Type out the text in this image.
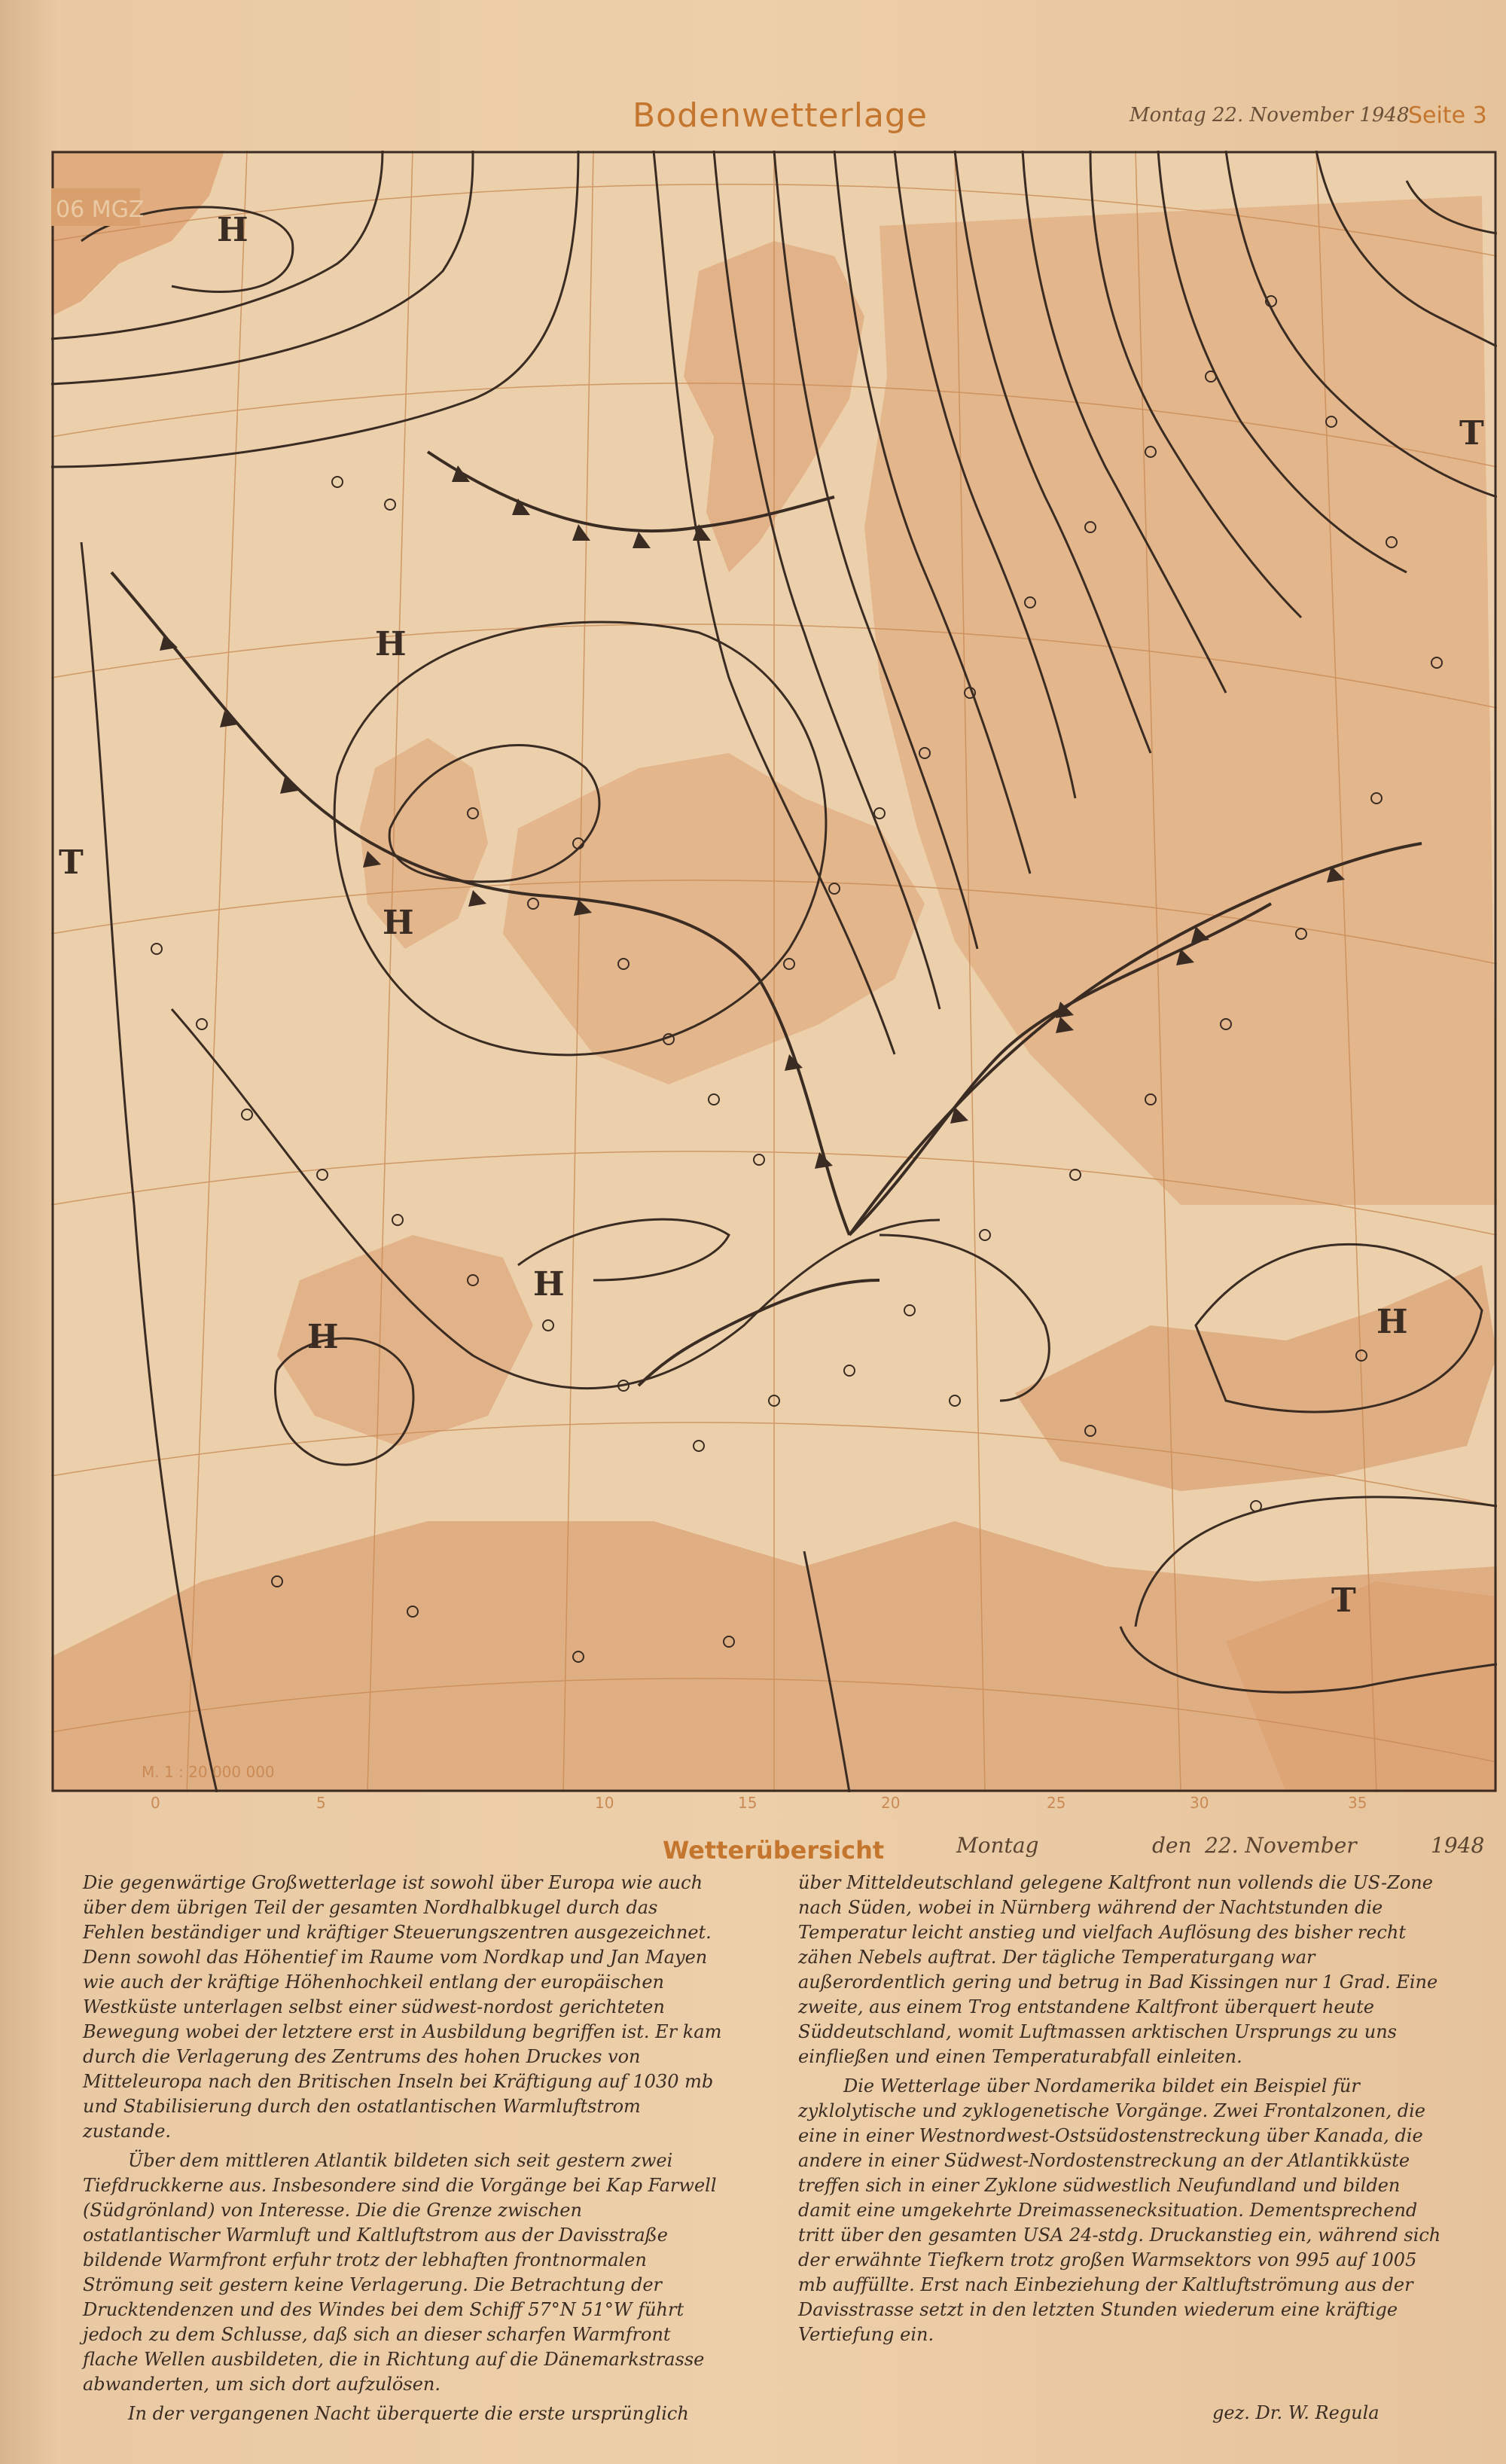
Bodenwetterlage	Montag 22. November 1948
Seite 3
06 MGZ
H
H
H
H
H
H
T
T
T
M. 1 : 20 000 000
0	5	10	15	20	25	30	35
Wetterübersicht	Montag	den 22. November	1948

Die gegenwärtige Großwetterlage ist sowohl über Europa wie auch über dem übrigen Teil der gesamten Nordhalbkugel durch das Fehlen beständiger und kräftiger Steuerungszentren ausgezeichnet. Denn sowohl das Höhentief im Raume vom Nordkap und Jan Mayen wie auch der kräftige Höhenhochkeil entlang der europäischen Westküste unterlagen selbst einer südwest-nordost gerichteten Bewegung wobei der letztere erst in Ausbildung begriffen ist. Er kam durch die Verlagerung des Zentrums des hohen Druckes von Mitteleuropa nach den Britischen Inseln bei Kräftigung auf 1030 mb und Stabilisierung durch den ostatlantischen Warmluftstrom zustande.

Über dem mittleren Atlantik bildeten sich seit gestern zwei Tiefdruckkerne aus. Insbesondere sind die Vorgänge bei Kap Farwell (Südgrönland) von Interesse. Die die Grenze zwischen ostatlantischer Warmluft und Kaltluftstrom aus der Davisstraße bildende Warmfront erfuhr trotz der lebhaften frontnormalen Strömung seit gestern keine Verlagerung. Die Betrachtung der Drucktendenzen und des Windes bei dem Schiff 57°N 51°W führt jedoch zu dem Schlusse, daß sich an dieser scharfen Warmfront flache Wellen ausbildeten, die in Richtung auf die Dänemarkstrasse abwanderten, um sich dort aufzulösen.

In der vergangenen Nacht überquerte die erste ursprünglich

über Mitteldeutschland gelegene Kaltfront nun vollends die US-Zone nach Süden, wobei in Nürnberg während der Nachtstunden die Temperatur leicht anstieg und vielfach Auflösung des bisher recht zähen Nebels auftrat. Der tägliche Temperaturgang war außerordentlich gering und betrug in Bad Kissingen nur 1 Grad. Eine zweite, aus einem Trog entstandene Kaltfront überquert heute Süddeutschland, womit Luftmassen arktischen Ursprungs zu uns einfließen und einen Temperaturabfall einleiten.

Die Wetterlage über Nordamerika bildet ein Beispiel für zyklolytische und zyklogenetische Vorgänge. Zwei Frontalzonen, die eine in einer Westnordwest-Ostsüdostenstreckung über Kanada, die andere in einer Südwest-Nordostenstreckung an der Atlantikküste treffen sich in einer Zyklone südwestlich Neufundland und bilden damit eine umgekehrte Dreimassenecksituation. Dementsprechend tritt über den gesamten USA 24-stdg. Druckanstieg ein, während sich der erwähnte Tiefkern trotz großen Warmsektors von 995 auf 1005 mb auffüllte. Erst nach Einbeziehung der Kaltluftströmung aus der Davisstrasse setzt in den letzten Stunden wiederum eine kräftige Vertiefung ein.

gez. Dr. W. Regula
